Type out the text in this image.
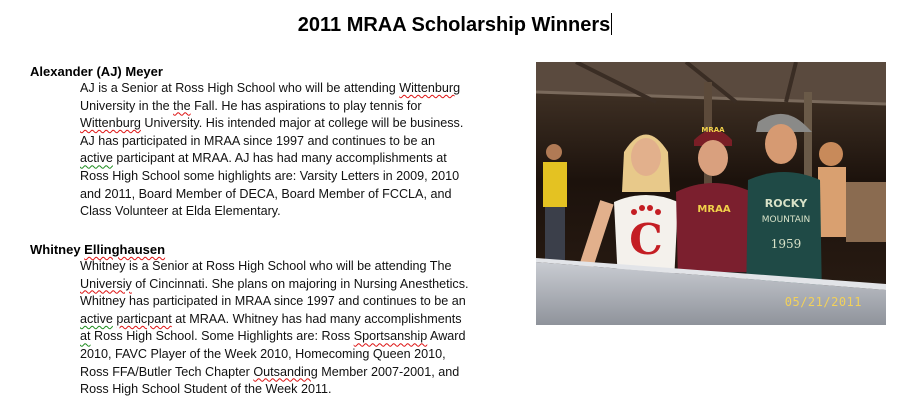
2011 MRAA Scholarship Winners
Alexander (AJ) Meyer
AJ is a Senior at Ross High School who will be attending Wittenburg
University in the the Fall. He has aspirations to play tennis for
Wittenburg University. His intended major at college will be business.
AJ has participated in MRAA since 1997 and continues to be an
active participant at MRAA. AJ has had many accomplishments at
Ross High School some highlights are: Varsity Letters in 2009, 2010
and 2011, Board Member of DECA, Board Member of FCCLA, and
Class Volunteer at Elda Elementary.
Whitney Ellinghausen
Whitney is a Senior at Ross High School who will be attending The
Universiy of Cincinnati. She plans on majoring in Nursing Anesthetics.
Whitney has participated in MRAA since 1997 and continues to be an
active particpant at MRAA. Whitney has had many accomplishments
at Ross High School. Some Highlights are: Ross Sportsanship Award
2010, FAVC Player of the Week 2010, Homecoming Queen 2010,
Ross FFA/Butler Tech Chapter Outsanding Member 2007-2001, and
Ross High School Student of the Week 2011.
C
MRAA
MRAA	ROCKY
MOUNTAIN
1959
05/21/2011
